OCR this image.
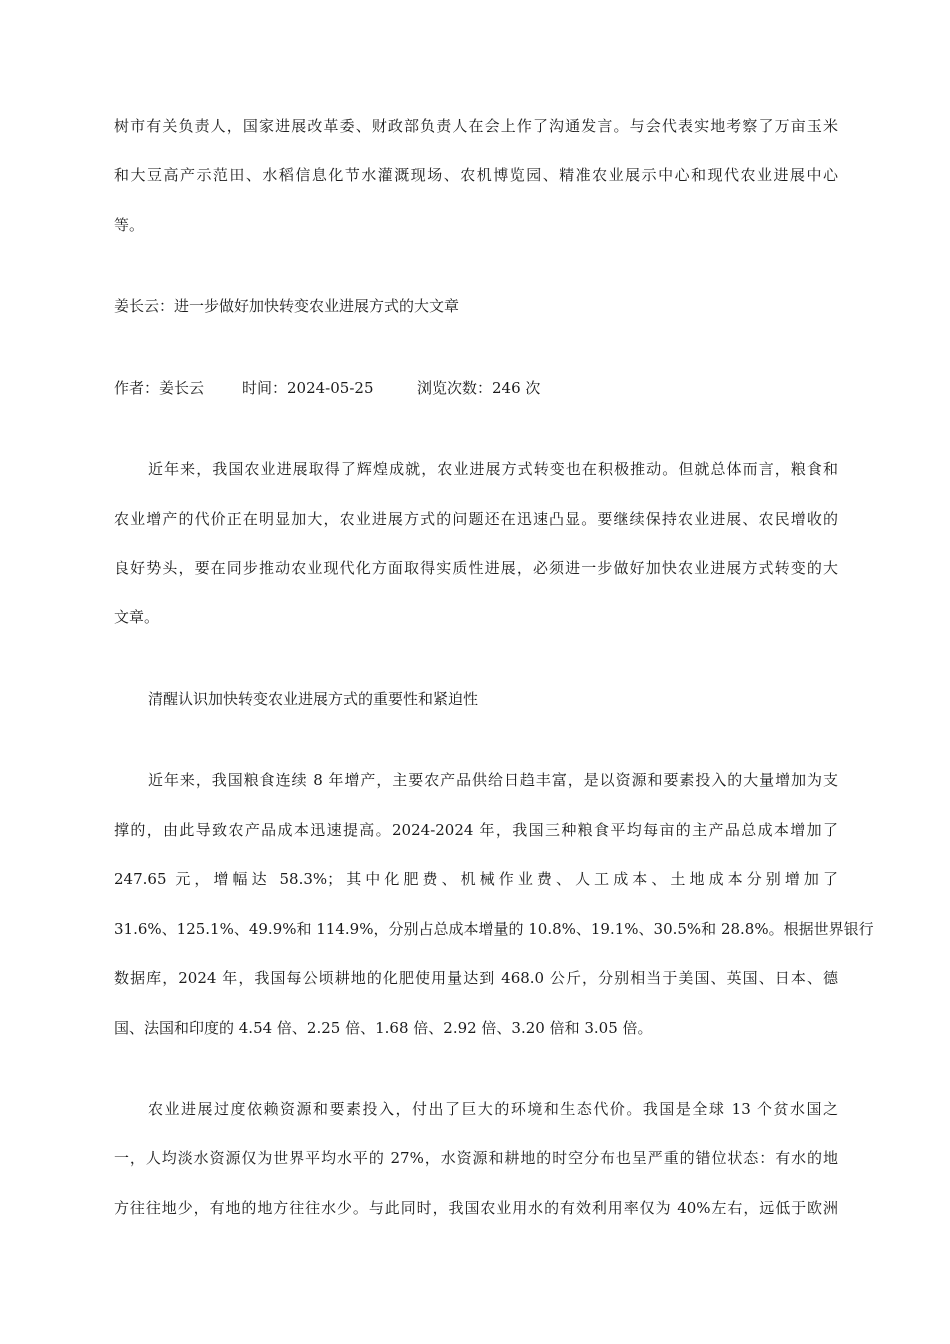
树市有关负责人，国家进展改革委、财政部负责人在会上作了沟通发言。与会代表实地考察了万亩玉米
和大豆高产示范田、水稻信息化节水灌溉现场、农机博览园、精准农业展示中心和现代农业进展中心
等。
姜长云：进一步做好加快转变农业进展方式的大文章
作者：姜长云	时间：2024-05-25	浏览次数：246 次
近年来，我国农业进展取得了辉煌成就，农业进展方式转变也在积极推动。但就总体而言，粮食和
农业增产的代价正在明显加大，农业进展方式的问题还在迅速凸显。要继续保持农业进展、农民增收的
良好势头，要在同步推动农业现代化方面取得实质性进展，必须进一步做好加快农业进展方式转变的大
文章。
清醒认识加快转变农业进展方式的重要性和紧迫性
近年来，我国粮食连续 8 年增产，主要农产品供给日趋丰富，是以资源和要素投入的大量增加为支
撑的，由此导致农产品成本迅速提高。2024-2024 年，我国三种粮食平均每亩的主产品总成本增加了
247.65 元，增幅达 58.3%；其中化肥费、机械作业费、人工成本、土地成本分别增加了
31.6%、125.1%、49.9%和 114.9%，分别占总成本增量的 10.8%、19.1%、30.5%和 28.8%。根据世界银行
数据库，2024 年，我国每公顷耕地的化肥使用量达到 468.0 公斤，分别相当于美国、英国、日本、德
国、法国和印度的 4.54 倍、2.25 倍、1.68 倍、2.92 倍、3.20 倍和 3.05 倍。
农业进展过度依赖资源和要素投入，付出了巨大的环境和生态代价。我国是全球 13 个贫水国之
一，人均淡水资源仅为世界平均水平的 27%，水资源和耕地的时空分布也呈严重的错位状态：有水的地
方往往地少，有地的地方往往水少。与此同时，我国农业用水的有效利用率仅为 40%左右，远低于欧洲
